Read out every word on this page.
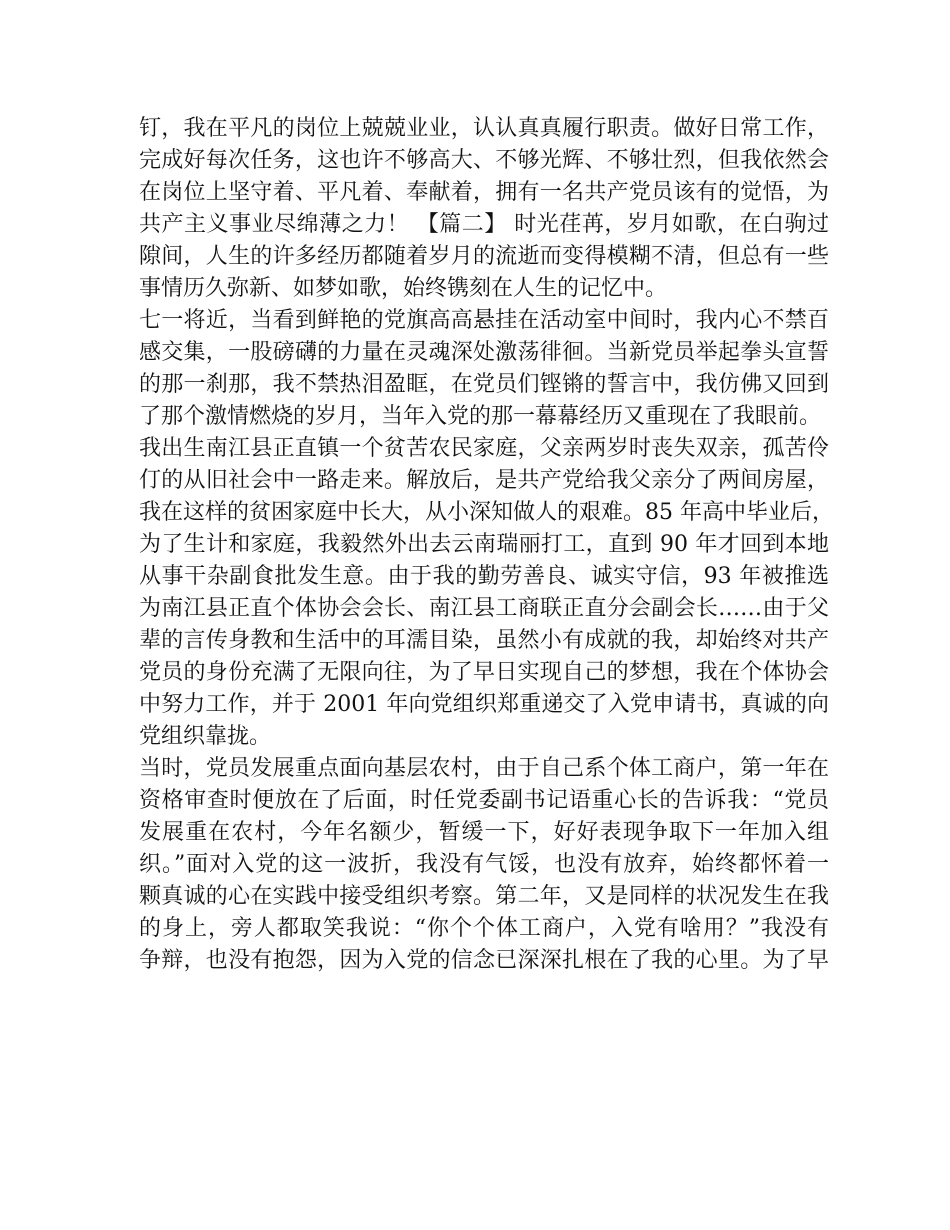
钉，我在平凡的岗位上兢兢业业，认认真真履行职责。做好日常工作，
完成好每次任务，这也许不够高大、不够光辉、不够壮烈，但我依然会
在岗位上坚守着、平凡着、奉献着，拥有一名共产党员该有的觉悟，为
共产主义事业尽绵薄之力！ 【篇二】 时光荏苒，岁月如歌，在白驹过
隙间，人生的许多经历都随着岁月的流逝而变得模糊不清，但总有一些
事情历久弥新、如梦如歌，始终镌刻在人生的记忆中。
七一将近，当看到鲜艳的党旗高高悬挂在活动室中间时，我内心不禁百
感交集，一股磅礴的力量在灵魂深处激荡徘徊。当新党员举起拳头宣誓
的那一刹那，我不禁热泪盈眶，在党员们铿锵的誓言中，我仿佛又回到
了那个激情燃烧的岁月，当年入党的那一幕幕经历又重现在了我眼前。
我出生南江县正直镇一个贫苦农民家庭，父亲两岁时丧失双亲，孤苦伶
仃的从旧社会中一路走来。解放后，是共产党给我父亲分了两间房屋，
我在这样的贫困家庭中长大，从小深知做人的艰难。85 年高中毕业后，
为了生计和家庭，我毅然外出去云南瑞丽打工，直到 90 年才回到本地
从事干杂副食批发生意。由于我的勤劳善良、诚实守信，93 年被推选
为南江县正直个体协会会长、南江县工商联正直分会副会长……由于父
辈的言传身教和生活中的耳濡目染，虽然小有成就的我，却始终对共产
党员的身份充满了无限向往，为了早日实现自己的梦想，我在个体协会
中努力工作，并于 2001 年向党组织郑重递交了入党申请书，真诚的向
党组织靠拢。
当时，党员发展重点面向基层农村，由于自己系个体工商户，第一年在
资格审查时便放在了后面，时任党委副书记语重心长的告诉我：“党员
发展重在农村，今年名额少，暂缓一下，好好表现争取下一年加入组
织。”面对入党的这一波折，我没有气馁，也没有放弃，始终都怀着一
颗真诚的心在实践中接受组织考察。第二年，又是同样的状况发生在我
的身上，旁人都取笑我说：“你个个体工商户，入党有啥用？”我没有
争辩，也没有抱怨，因为入党的信念已深深扎根在了我的心里。为了早
